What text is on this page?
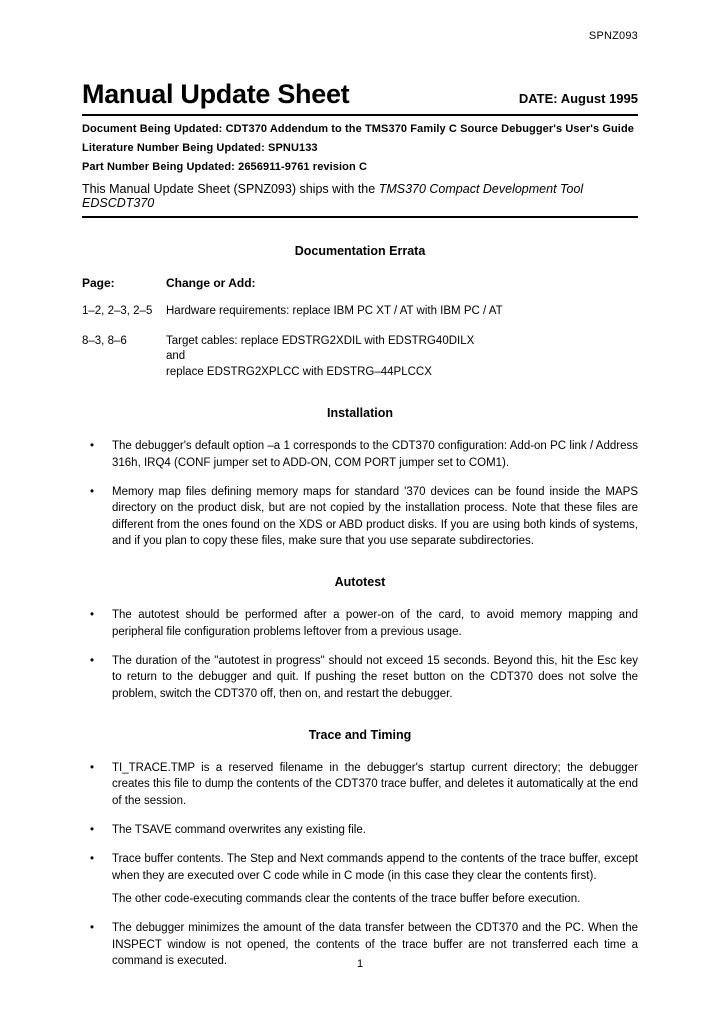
SPNZ093
Manual Update Sheet	DATE: August 1995
Document Being Updated: CDT370 Addendum to the TMS370 Family C Source Debugger's User's Guide
Literature Number Being Updated: SPNU133
Part Number Being Updated: 2656911-9761 revision C
This Manual Update Sheet (SPNZ093) ships with the TMS370 Compact Development Tool EDSCDT370
Documentation Errata
Page:	Change or Add:
1–2, 2–3, 2–5	Hardware requirements: replace IBM PC XT / AT with IBM PC / AT
8–3, 8–6	Target cables: replace EDSTRG2XDIL with EDSTRG40DILX
and
replace EDSTRG2XPLCC with EDSTRG–44PLCCX
Installation
•	The debugger's default option –a 1 corresponds to the CDT370 configuration: Add-on PC link / Address 316h, IRQ4 (CONF jumper set to ADD-ON, COM PORT jumper set to COM1).
•	Memory map files defining memory maps for standard '370 devices can be found inside the MAPS directory on the product disk, but are not copied by the installation process. Note that these files are different from the ones found on the XDS or ABD product disks. If you are using both kinds of systems, and if you plan to copy these files, make sure that you use separate subdirectories.
Autotest
•	The autotest should be performed after a power-on of the card, to avoid memory mapping and peripheral file configuration problems leftover from a previous usage.
•	The duration of the "autotest in progress" should not exceed 15 seconds. Beyond this, hit the Esc key to return to the debugger and quit. If pushing the reset button on the CDT370 does not solve the problem, switch the CDT370 off, then on, and restart the debugger.
Trace and Timing
•	TI_TRACE.TMP is a reserved filename in the debugger's startup current directory; the debugger creates this file to dump the contents of the CDT370 trace buffer, and deletes it automatically at the end of the session.

•	The TSAVE command overwrites any existing file.

•	Trace buffer contents. The Step and Next commands append to the contents of the trace buffer, except when they are executed over C code while in C mode (in this case they clear the contents first).

The other code-executing commands clear the contents of the trace buffer before execution.

•	The debugger minimizes the amount of the data transfer between the CDT370 and the PC. When the INSPECT window is not opened, the contents of the trace buffer are not transferred each time a command is executed.	1
